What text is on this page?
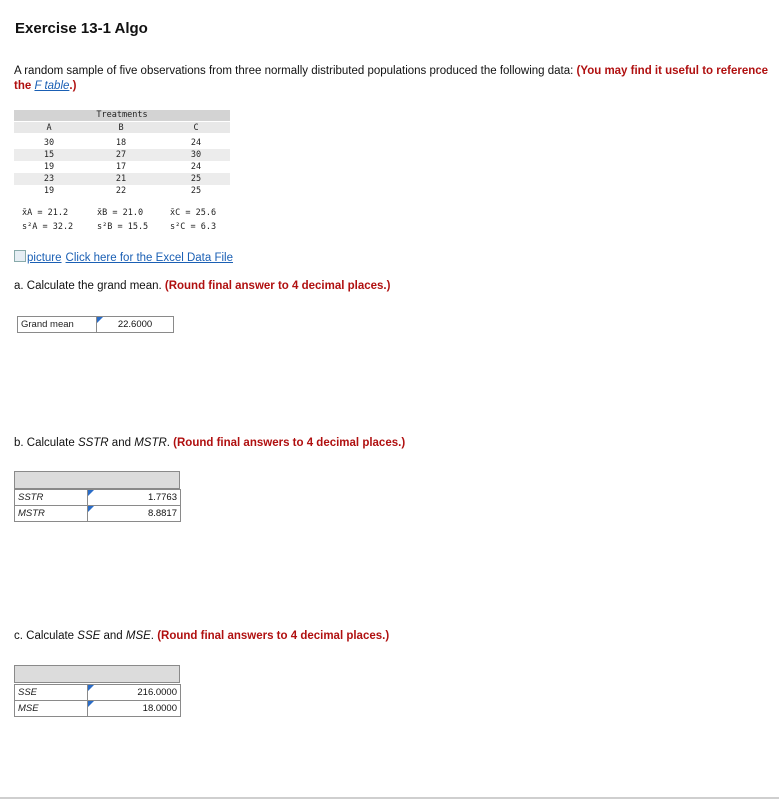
Exercise 13-1 Algo
A random sample of five observations from three normally distributed populations produced the following data: (You may find it useful to reference the F table.)
Treatments
A	B	C
30	18	24
15	27	30
19	17	24
23	21	25
19	22	25
x̄A = 21.2	x̄B = 21.0	x̄C = 25.6
s²A = 32.2	s²B = 15.5	s²C = 6.3
picture Click here for the Excel Data File
a. Calculate the grand mean. (Round final answer to 4 decimal places.)
Grand mean	22.6000
b. Calculate SSTR and MSTR. (Round final answers to 4 decimal places.)
SSTR	1.7763
MSTR	8.8817
c. Calculate SSE and MSE. (Round final answers to 4 decimal places.)
SSE	216.0000
MSE	18.0000
